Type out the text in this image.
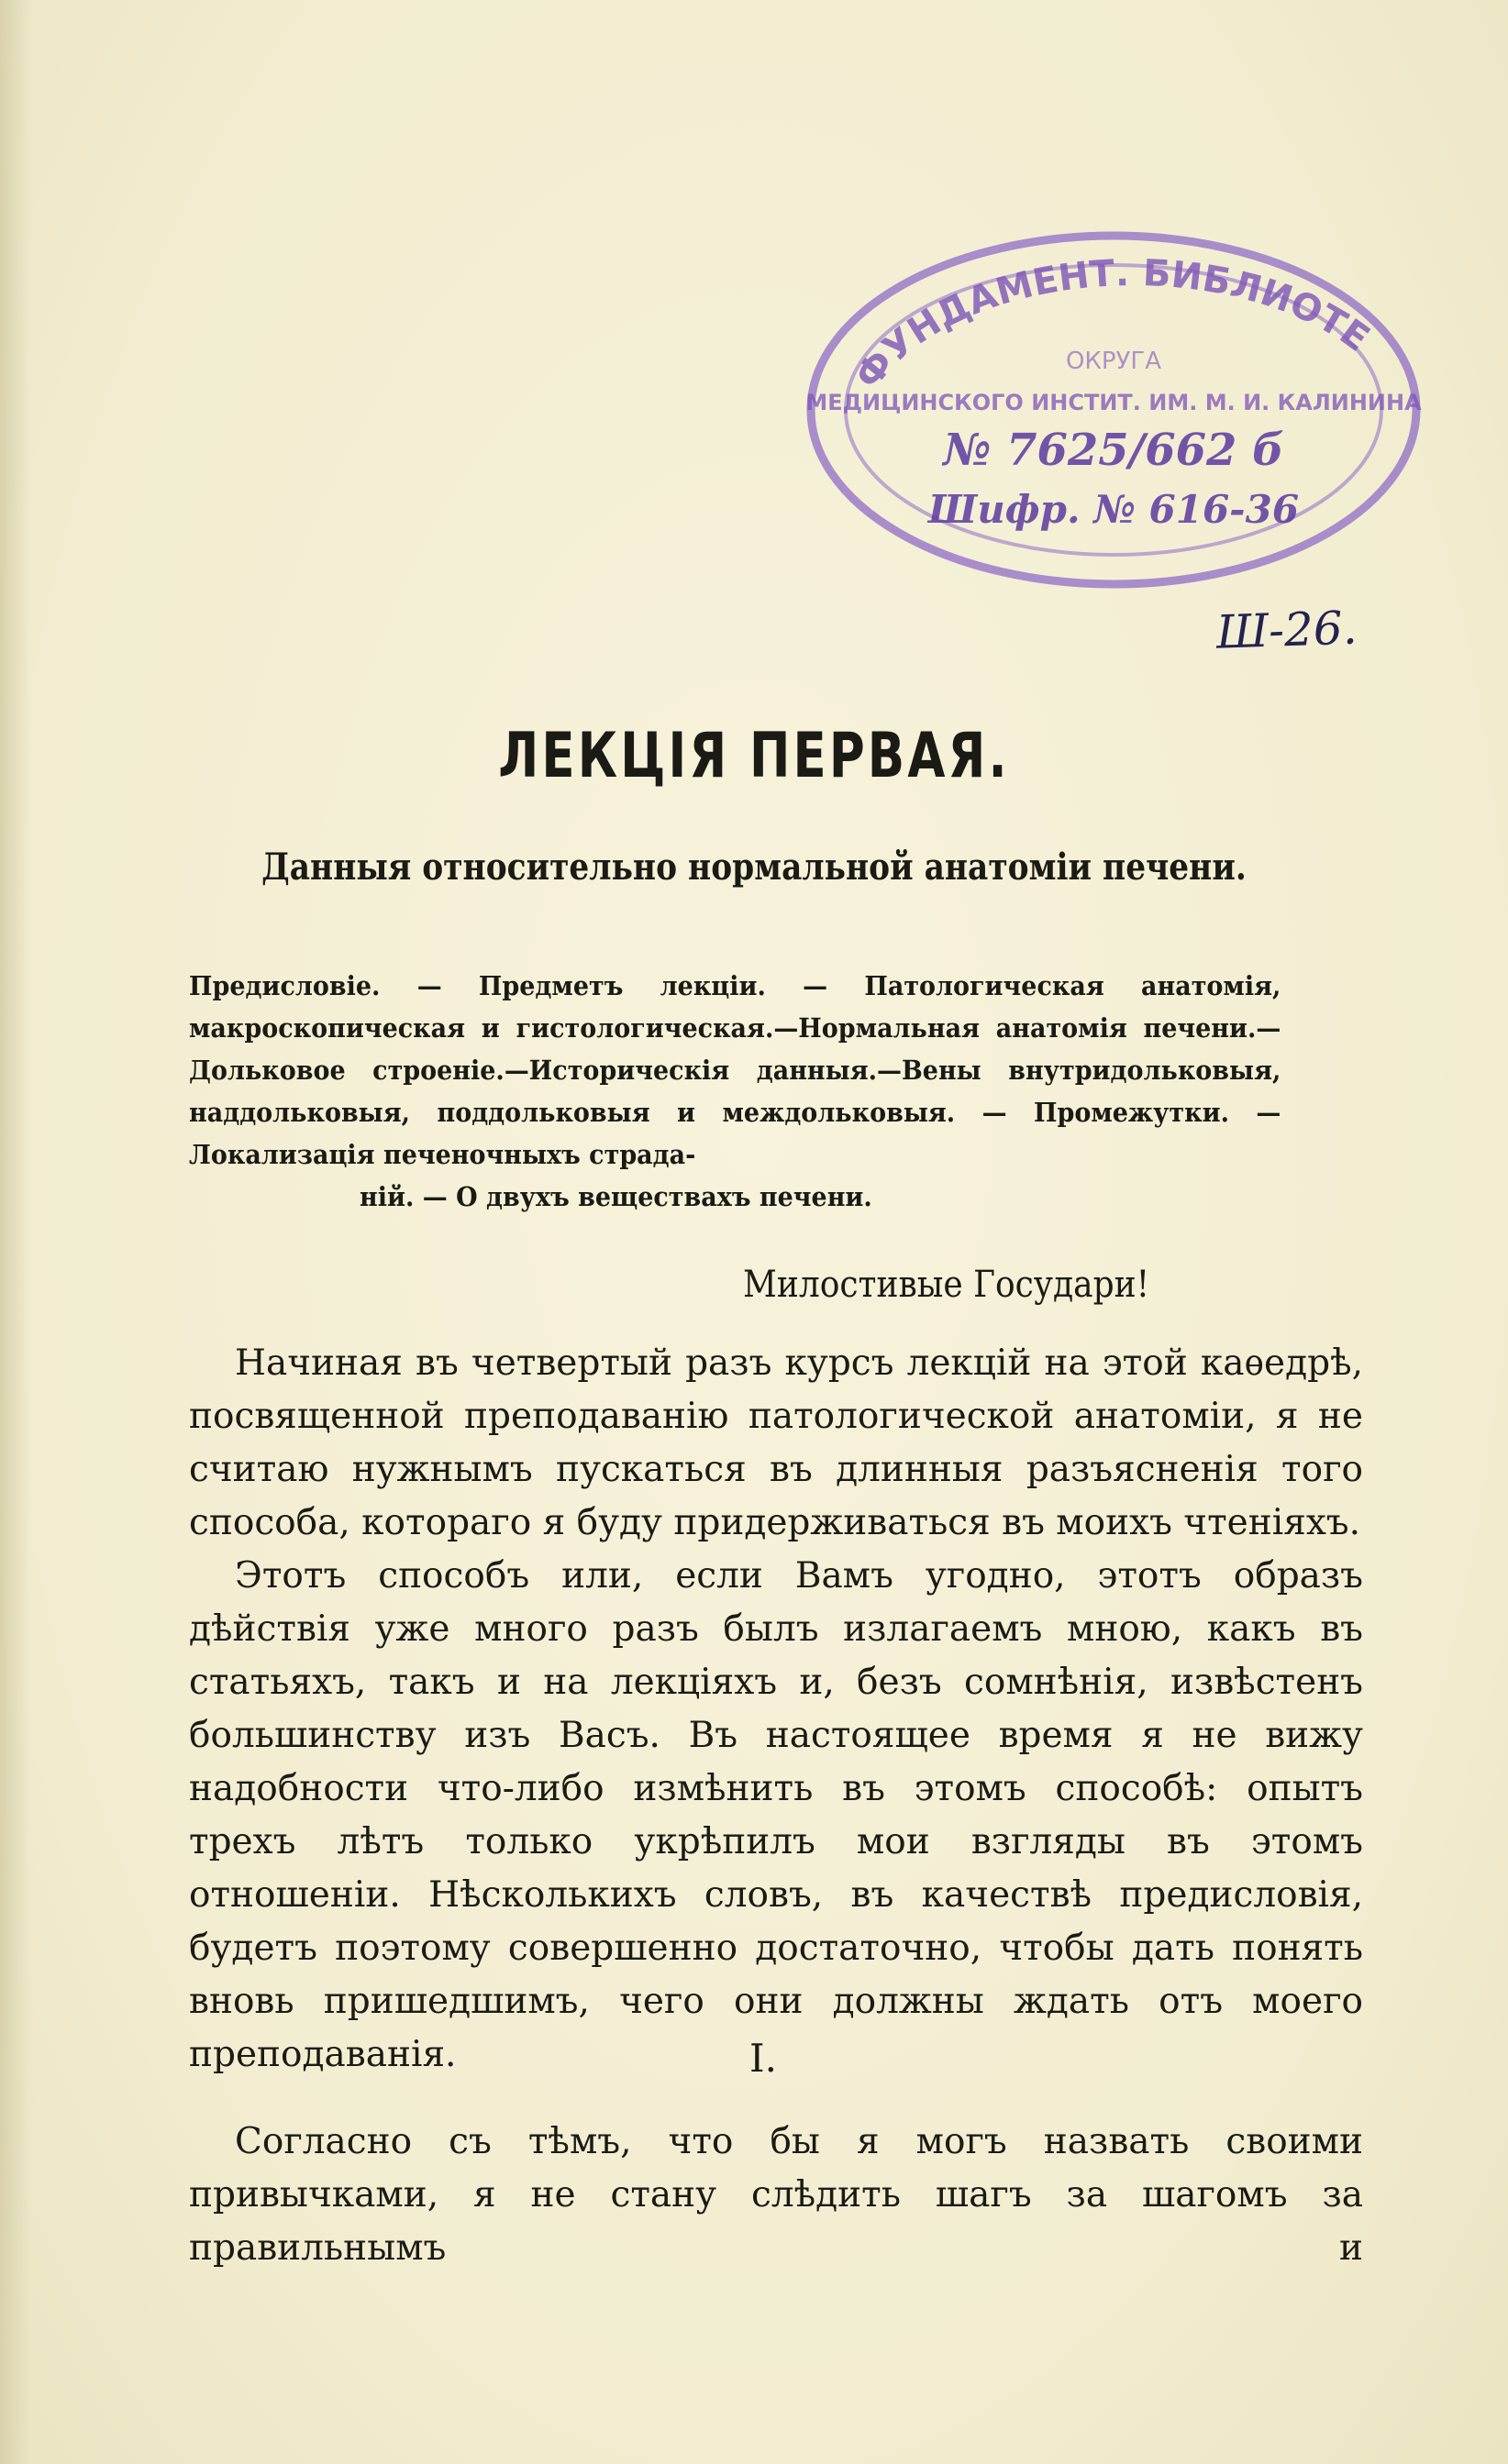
ФУНДАМЕНТ. БИБЛИОТЕ
ОКРУГА
МЕДИЦИНСКОГО ИНСТИТ. ИМ. М. И. КАЛИНИНА
№ 7625/662 б
Шифр. № 616-36
Ш-26.
ЛЕКЦІЯ ПЕРВАЯ.
Данныя относительно нормальной анатоміи печени.
Предисловіе. — Предметъ лекціи. — Патологическая анатомія, макроскопическая и гистологическая.—Нормальная анатомія печени.—Дольковое строеніе.—Историческія данныя.—Вены внутридольковыя, наддольковыя, поддольковыя и междольковыя. — Промежутки. — Локализація печеночныхъ страда-
ній. — О двухъ веществахъ печени.
Милостивые Государи!

Начиная въ четвертый разъ курсъ лекцій на этой каѳедрѣ, посвященной преподаванію патологической анатоміи, я не считаю нужнымъ пускаться въ длинныя разъясненія того способа, котораго я буду придерживаться въ моихъ чтеніяхъ.

Этотъ способъ или, если Вамъ угодно, этотъ образъ дѣйствія уже много разъ былъ излагаемъ мною, какъ въ статьяхъ, такъ и на лекціяхъ и, безъ сомнѣнія, извѣстенъ большинству изъ Васъ. Въ настоящее время я не вижу надобности что-либо измѣнить въ этомъ способѣ: опытъ трехъ лѣтъ только укрѣпилъ мои взгляды въ этомъ отношеніи. Нѣсколькихъ словъ, въ качествѣ предисловія, будетъ поэтому совершенно достаточно, чтобы дать понять вновь пришедшимъ, чего они должны ждать отъ моего преподаванія.	I.

Согласно съ тѣмъ, что бы я могъ назвать своими привычками, я не стану слѣдить шагъ за шагомъ за правильнымъ и
